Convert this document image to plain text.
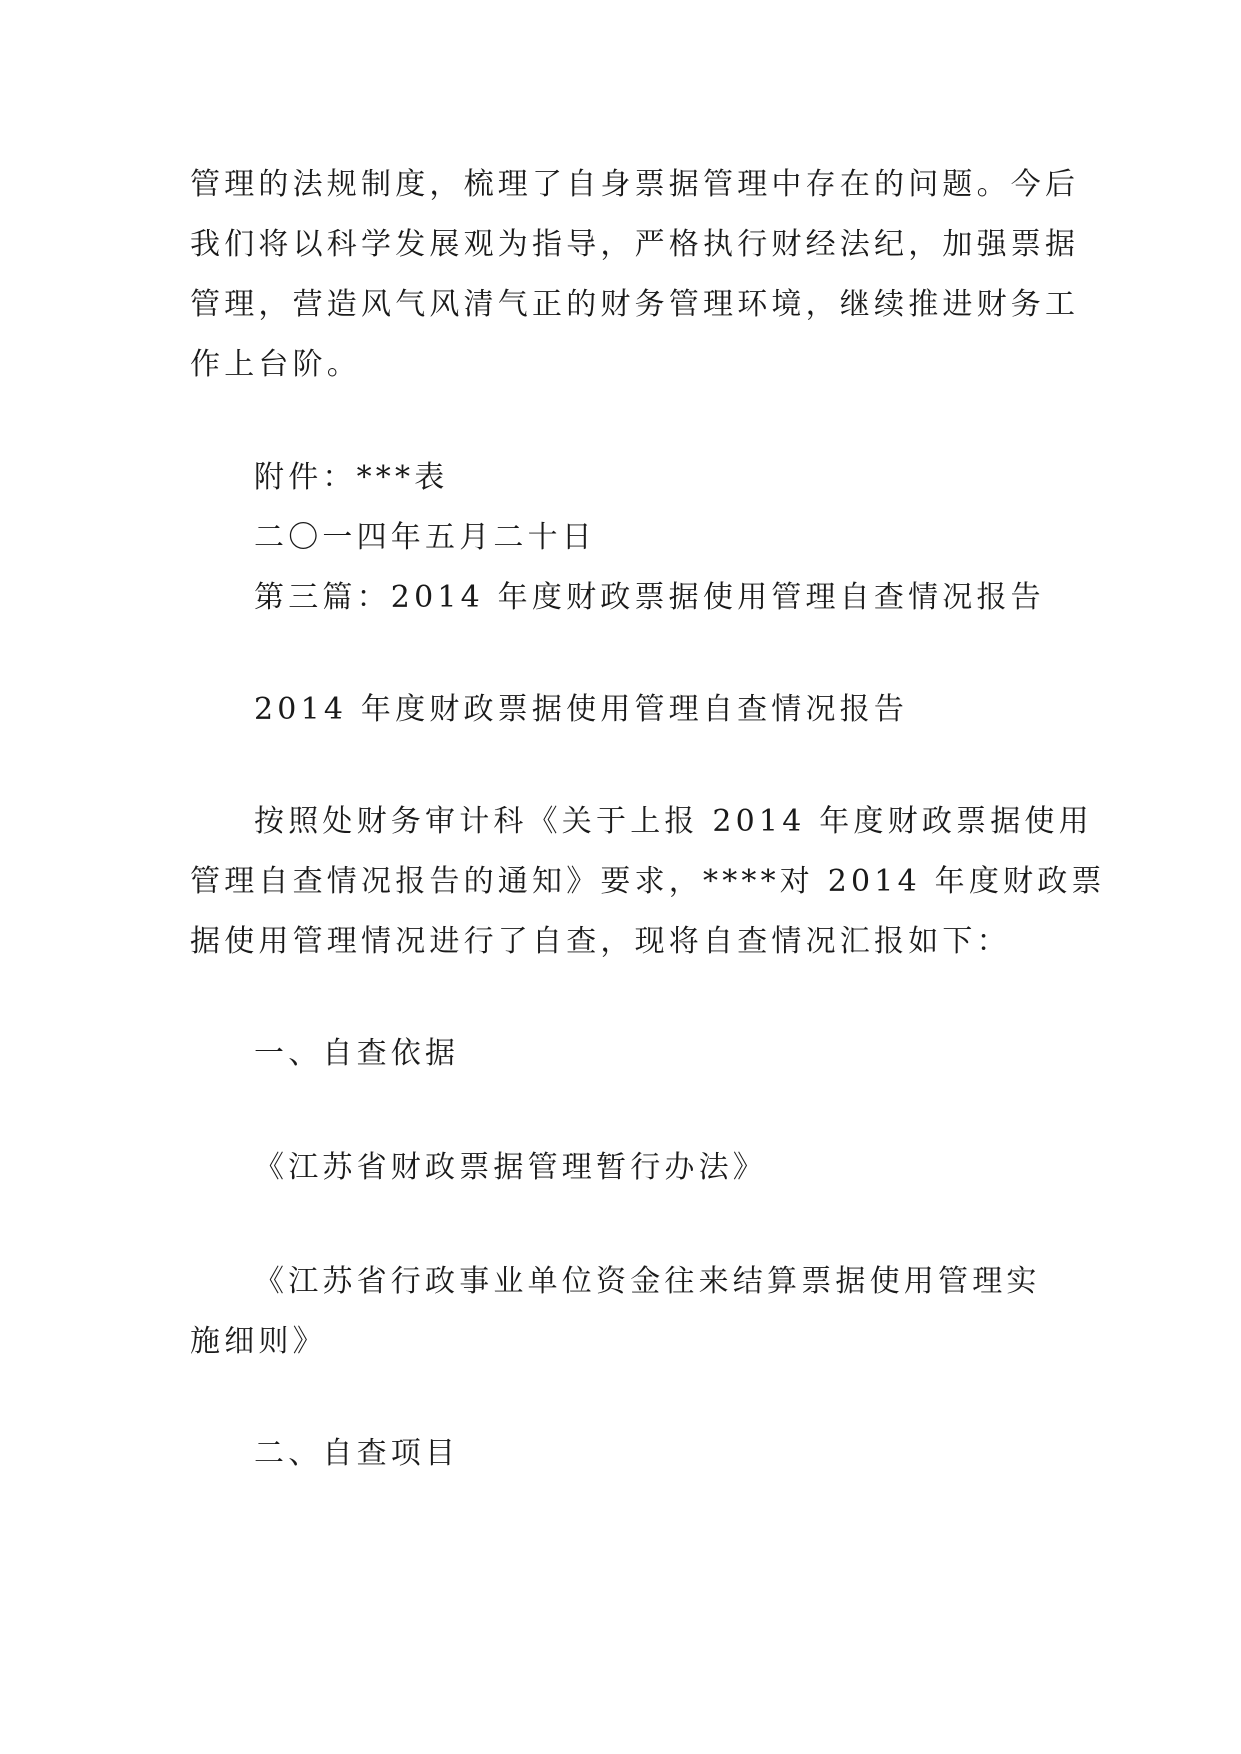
管理的法规制度，梳理了自身票据管理中存在的问题。今后
我们将以科学发展观为指导，严格执行财经法纪，加强票据
管理，营造风气风清气正的财务管理环境，继续推进财务工
作上台阶。
附件：***表
二〇一四年五月二十日
第三篇：2014 年度财政票据使用管理自查情况报告
2014 年度财政票据使用管理自查情况报告
按照处财务审计科《关于上报 2014 年度财政票据使用
管理自查情况报告的通知》要求，****对 2014 年度财政票
据使用管理情况进行了自查，现将自查情况汇报如下：
一、自查依据
《江苏省财政票据管理暂行办法》
《江苏省行政事业单位资金往来结算票据使用管理实
施细则》
二、自查项目
